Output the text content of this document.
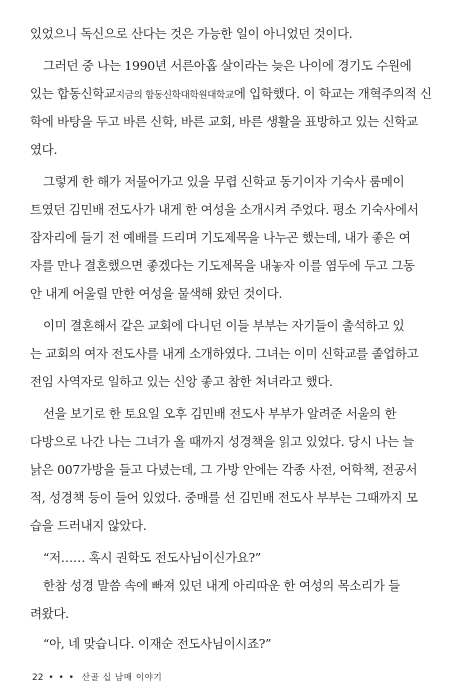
있었으니 독신으로 산다는 것은 가능한 일이 아니었던 것이다.
그러던 중 나는 1990년 서른아홉 살이라는 늦은 나이에 경기도 수원에
있는 합동신학교지금의 합동신학대학원대학교에 입학했다. 이 학교는 개혁주의적 신
학에 바탕을 두고 바른 신학, 바른 교회, 바른 생활을 표방하고 있는 신학교
였다.
그렇게 한 해가 저물어가고 있을 무렵 신학교 동기이자 기숙사 룸메이
트였던 김민배 전도사가 내게 한 여성을 소개시켜 주었다. 평소 기숙사에서
잠자리에 들기 전 예배를 드리며 기도제목을 나누곤 했는데, 내가 좋은 여
자를 만나 결혼했으면 좋겠다는 기도제목을 내놓자 이를 염두에 두고 그동
안 내게 어울릴 만한 여성을 물색해 왔던 것이다.
이미 결혼해서 같은 교회에 다니던 이들 부부는 자기들이 출석하고 있
는 교회의 여자 전도사를 내게 소개하였다. 그녀는 이미 신학교를 졸업하고
전임 사역자로 일하고 있는 신앙 좋고 참한 처녀라고 했다.
선을 보기로 한 토요일 오후 김민배 전도사 부부가 알려준 서울의 한
다방으로 나간 나는 그녀가 올 때까지 성경책을 읽고 있었다. 당시 나는 늘
낡은 007가방을 들고 다녔는데, 그 가방 안에는 각종 사전, 어학책, 전공서
적, 성경책 등이 들어 있었다. 중매를 선 김민배 전도사 부부는 그때까지 모
습을 드러내지 않았다.
“저…… 혹시 권학도 전도사님이신가요?”
한참 성경 말씀 속에 빠져 있던 내게 아리따운 한 여성의 목소리가 들
려왔다.
“아, 네 맞습니다. 이재순 전도사님이시죠?”
22 • • • 산골 십 남매 이야기
